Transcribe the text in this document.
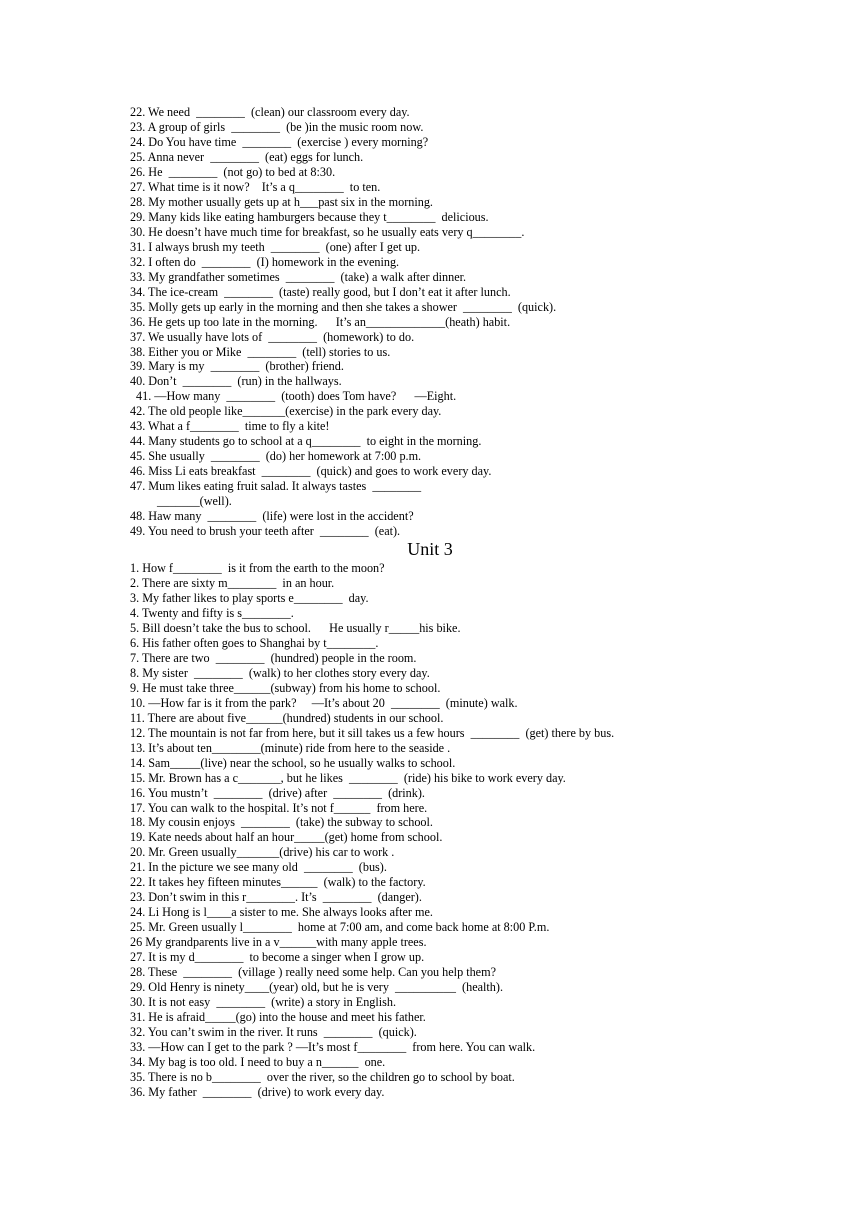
22. We need  ________  (clean) our classroom every day.
23. A group of girls  ________  (be )in the music room now.
24. Do You have time  ________  (exercise ) every morning?
25. Anna never  ________  (eat) eggs for lunch.
26. He  ________  (not go) to bed at 8:30.
27. What time is it now?    It’s a q________  to ten.
28. My mother usually gets up at h___past six in the morning.
29. Many kids like eating hamburgers because they t________  delicious.
30. He doesn’t have much time for breakfast, so he usually eats very q________.
31. I always brush my teeth  ________  (one) after I get up.
32. I often do  ________  (I) homework in the evening.
33. My grandfather sometimes  ________  (take) a walk after dinner.
34. The ice-cream  ________  (taste) really good, but I don’t eat it after lunch.
35. Molly gets up early in the morning and then she takes a shower  ________  (quick).
36. He gets up too late in the morning.      It’s an_____________(heath) habit.
37. We usually have lots of  ________  (homework) to do.
38. Either you or Mike  ________  (tell) stories to us.
39. Mary is my  ________  (brother) friend.
40. Don’t  ________  (run) in the hallways.
41. —How many  ________  (tooth) does Tom have?      —Eight.
42. The old people like_______(exercise) in the park every day.
43. What a f________  time to fly a kite!
44. Many students go to school at a q________  to eight in the morning.
45. She usually  ________  (do) her homework at 7:00 p.m.
46. Miss Li eats breakfast  ________  (quick) and goes to work every day.
47. Mum likes eating fruit salad. It always tastes  ________
_______(well).
48. Haw many  ________  (life) were lost in the accident?
49. You need to brush your teeth after  ________  (eat).
Unit 3
1. How f________  is it from the earth to the moon?
2. There are sixty m________  in an hour.
3. My father likes to play sports e________  day.
4. Twenty and fifty is s________.
5. Bill doesn’t take the bus to school.      He usually r_____his bike.
6. His father often goes to Shanghai by t________.
7. There are two  ________  (hundred) people in the room.
8. My sister  ________  (walk) to her clothes story every day.
9. He must take three______(subway) from his home to school.
10. —How far is it from the park?     —It’s about 20  ________  (minute) walk.
11. There are about five______(hundred) students in our school.
12. The mountain is not far from here, but it sill takes us a few hours  ________  (get) there by bus.
13. It’s about ten________(minute) ride from here to the seaside .
14. Sam_____(live) near the school, so he usually walks to school.
15. Mr. Brown has a c_______, but he likes  ________  (ride) his bike to work every day.
16. You mustn’t  ________  (drive) after  ________  (drink).
17. You can walk to the hospital. It’s not f______  from here.
18. My cousin enjoys  ________  (take) the subway to school.
19. Kate needs about half an hour_____(get) home from school.
20. Mr. Green usually_______(drive) his car to work .
21. In the picture we see many old  ________  (bus).
22. It takes hey fifteen minutes______  (walk) to the factory.
23. Don’t swim in this r________. It’s  ________  (danger).
24. Li Hong is l____a sister to me. She always looks after me.
25. Mr. Green usually l________  home at 7:00 am, and come back home at 8:00 P.m.
26 My grandparents live in a v______with many apple trees.
27. It is my d________  to become a singer when I grow up.
28. These  ________  (village ) really need some help. Can you help them?
29. Old Henry is ninety____(year) old, but he is very  __________  (health).
30. It is not easy  ________  (write) a story in English.
31. He is afraid_____(go) into the house and meet his father.
32. You can’t swim in the river. It runs  ________  (quick).
33. —How can I get to the park ? —It’s most f________  from here. You can walk.
34. My bag is too old. I need to buy a n______  one.
35. There is no b________  over the river, so the children go to school by boat.
36. My father  ________  (drive) to work every day.
